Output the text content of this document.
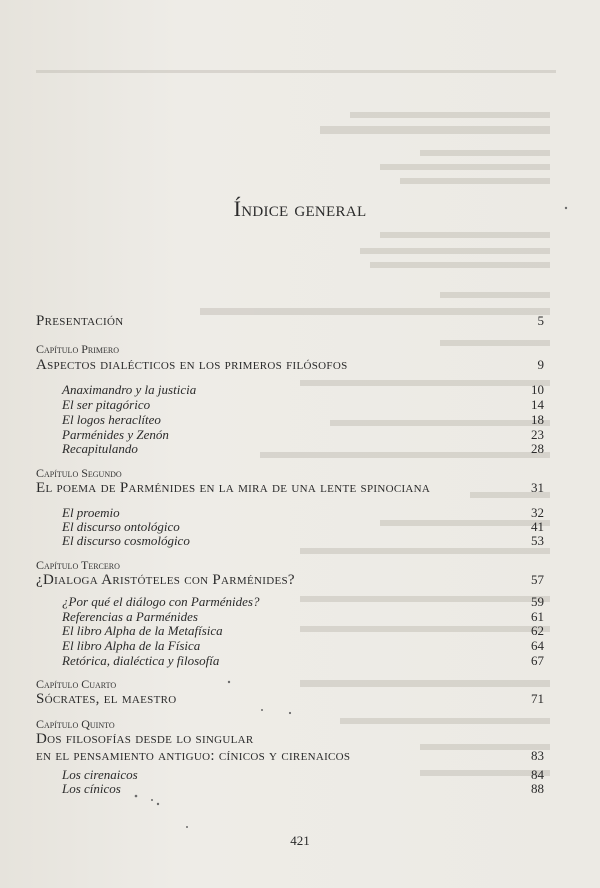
Índice general
Presentación	5
Capítulo Primero
Aspectos dialécticos en los primeros filósofos	9
Anaximandro y la justicia	10
El ser pitagórico	14
El logos heraclíteo	18
Parménides y Zenón	23
Recapitulando	28
Capítulo Segundo
El poema de Parménides en la mira de una lente spinociana	31
El proemio	32
El discurso ontológico	41
El discurso cosmológico	53
Capítulo Tercero
¿Dialoga Aristóteles con Parménides?	57
¿Por qué el diálogo con Parménides?	59
Referencias a Parménides	61
El libro Alpha de la Metafísica	62
El libro Alpha de la Física	64
Retórica, dialéctica y filosofía	67
Capítulo Cuarto
Sócrates, el maestro	71
Capítulo Quinto
Dos filosofías desde lo singular
en el pensamiento antiguo: cínicos y cirenaicos	83
Los cirenaicos	84
Los cínicos	88
421
